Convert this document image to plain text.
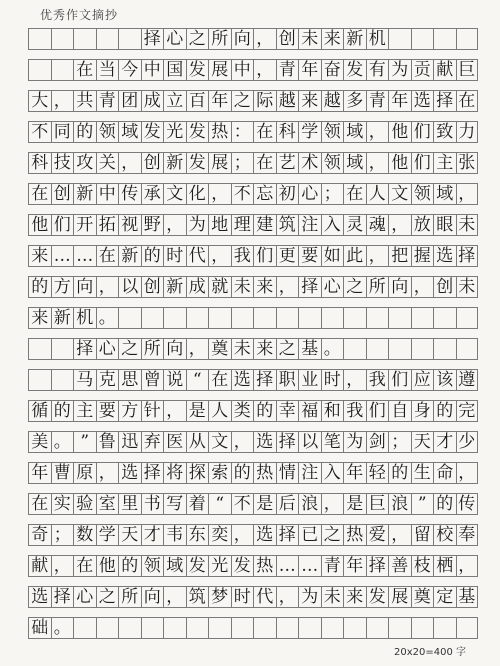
优秀作文摘抄
择 心 之 所 向 ， 创 未 来 新 机
在 当 今 中 国 发 展 中 ， 青 年 奋 发 有 为 贡 献 巨
大 ， 共 青 团 成 立 百 年 之 际 越 来 越 多 青 年 选 择 在
不 同 的 领 域 发 光 发 热 ： 在 科 学 领 域 ， 他 们 致 力
科 技 攻 关 ， 创 新 发 展 ； 在 艺 术 领 域 ， 他 们 主 张
在 创 新 中 传 承 文 化 ， 不 忘 初 心 ； 在 人 文 领 域 ，
他 们 开 拓 视 野 ， 为 地 理 建 筑 注 入 灵 魂 ， 放 眼 未
来 … … 在 新 的 时 代 ， 我 们 更 要 如 此 ， 把 握 选 择
的 方 向 ， 以 创 新 成 就 未 来 ， 择 心 之 所 向 ， 创 未
来 新 机 。
择 心 之 所 向 ， 奠 未 来 之 基 。
马 克 思 曾 说 “ 在 选 择 职 业 时 ， 我 们 应 该 遵
循 的 主 要 方 针 ， 是 人 类 的 幸 福 和 我 们 自 身 的 完
美 。 ” 鲁 迅 弃 医 从 文 ， 选 择 以 笔 为 剑 ； 天 才 少
年 曹 原 ， 选 择 将 探 索 的 热 情 注 入 年 轻 的 生 命 ，
在 实 验 室 里 书 写 着 “ 不 是 后 浪 ， 是 巨 浪 ” 的 传
奇 ； 数 学 天 才 韦 东 奕 ， 选 择 已 之 热 爱 ， 留 校 奉
献 ， 在 他 的 领 域 发 光 发 热 … … 青 年 择 善 枝 栖 ，
选 择 心 之 所 向 ， 筑 梦 时 代 ， 为 未 来 发 展 奠 定 基
础 。
20x20=400 字
